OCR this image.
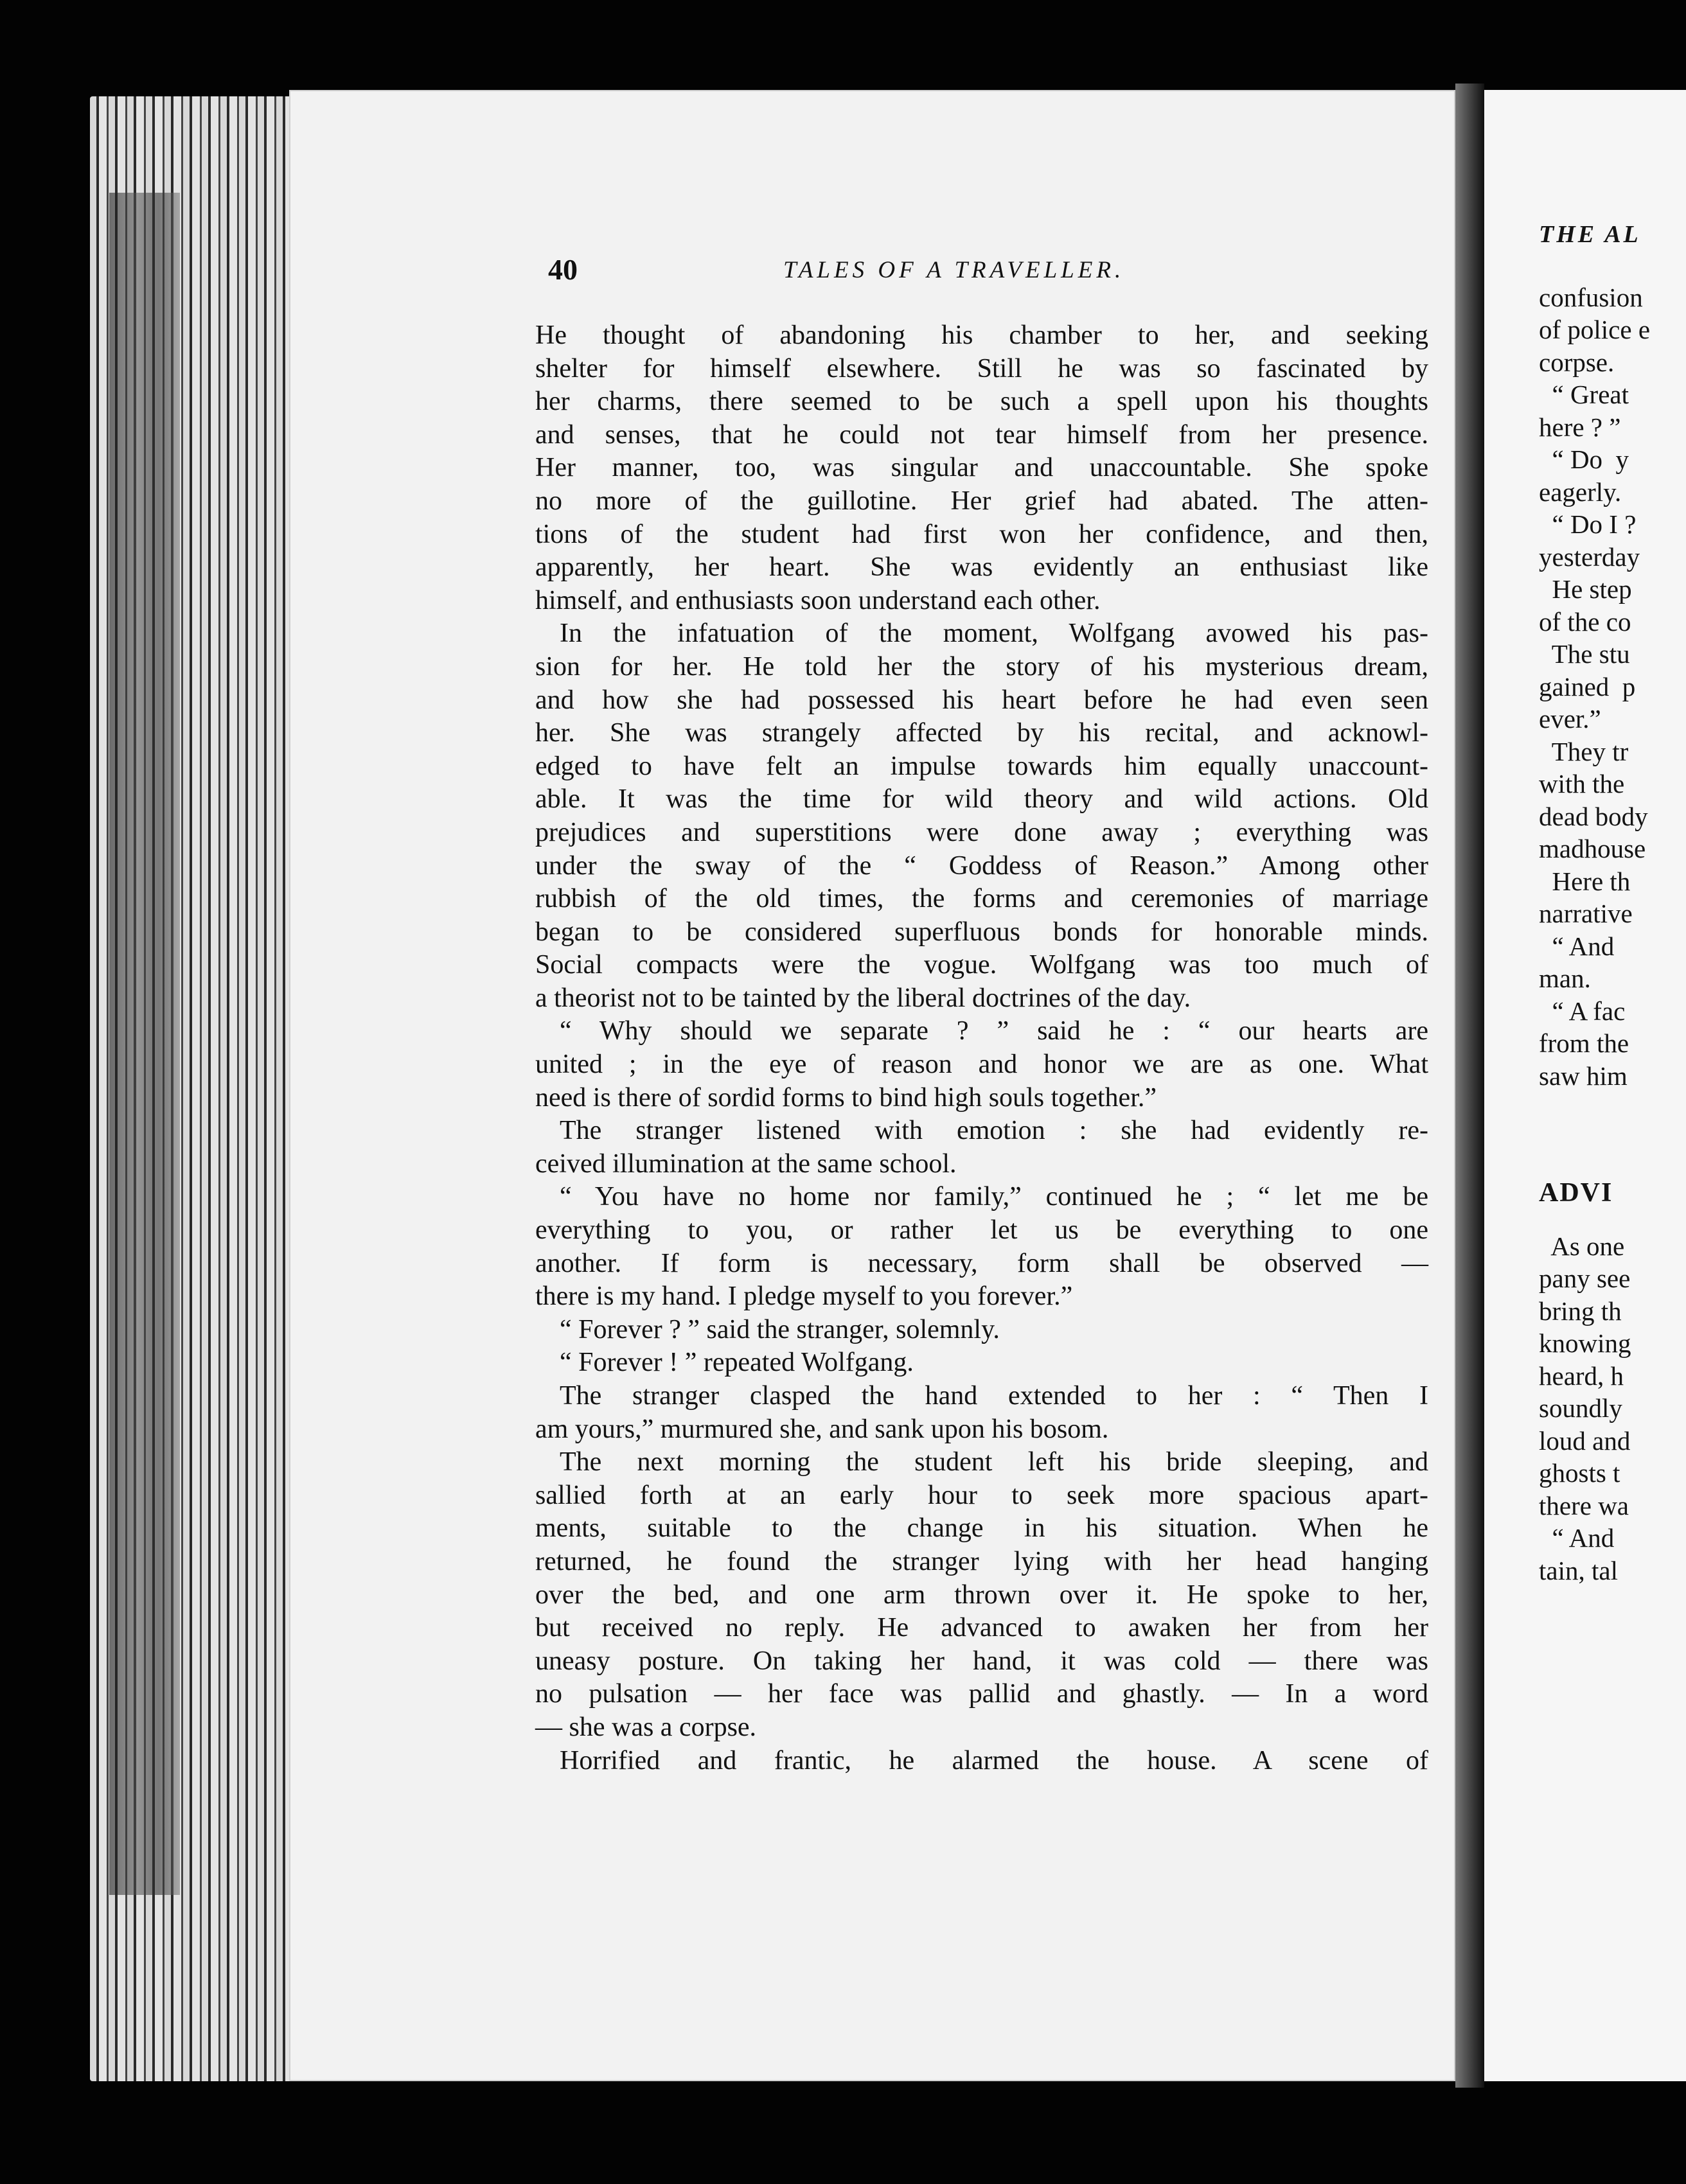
40	TALES OF A TRAVELLER.
He thought of abandoning his chamber to her, and seeking
shelter for himself elsewhere. Still he was so fascinated by
her charms, there seemed to be such a spell upon his thoughts
and senses, that he could not tear himself from her presence.
Her manner, too, was singular and unaccountable. She spoke
no more of the guillotine. Her grief had abated. The atten-
tions of the student had first won her confidence, and then,
apparently, her heart. She was evidently an enthusiast like
himself, and enthusiasts soon understand each other.
In the infatuation of the moment, Wolfgang avowed his pas-
sion for her. He told her the story of his mysterious dream,
and how she had possessed his heart before he had even seen
her. She was strangely affected by his recital, and acknowl-
edged to have felt an impulse towards him equally unaccount-
able. It was the time for wild theory and wild actions. Old
prejudices and superstitions were done away ; everything was
under the sway of the “ Goddess of Reason.” Among other
rubbish of the old times, the forms and ceremonies of marriage
began to be considered superfluous bonds for honorable minds.
Social compacts were the vogue. Wolfgang was too much of
a theorist not to be tainted by the liberal doctrines of the day.
“ Why should we separate ? ” said he : “ our hearts are
united ; in the eye of reason and honor we are as one. What
need is there of sordid forms to bind high souls together.”
The stranger listened with emotion : she had evidently re-
ceived illumination at the same school.
“ You have no home nor family,” continued he ; “ let me be
everything to you, or rather let us be everything to one
another. If form is necessary, form shall be observed —
there is my hand. I pledge myself to you forever.”
“ Forever ? ” said the stranger, solemnly.
“ Forever ! ” repeated Wolfgang.
The stranger clasped the hand extended to her : “ Then I
am yours,” murmured she, and sank upon his bosom.
The next morning the student left his bride sleeping, and
sallied forth at an early hour to seek more spacious apart-
ments, suitable to the change in his situation. When he
returned, he found the stranger lying with her head hanging
over the bed, and one arm thrown over it. He spoke to her,
but received no reply. He advanced to awaken her from her
uneasy posture. On taking her hand, it was cold — there was
no pulsation — her face was pallid and ghastly. — In a word
— she was a corpse.
Horrified and frantic, he alarmed the house. A scene of
THE AL
confusion
of police e
corpse.
“ Great
here ? ”
“ Do  y
eagerly.
“ Do I ?
yesterday
He step
of the co
The stu
gained  p
ever.”
They tr
with the
dead body
madhouse
Here th
narrative
“ And
man.
“ A fac
from the
saw him
ADVI
As one
pany see
bring th
knowing
heard, h
soundly
loud and
ghosts t
there wa
“ And
tain, tal
